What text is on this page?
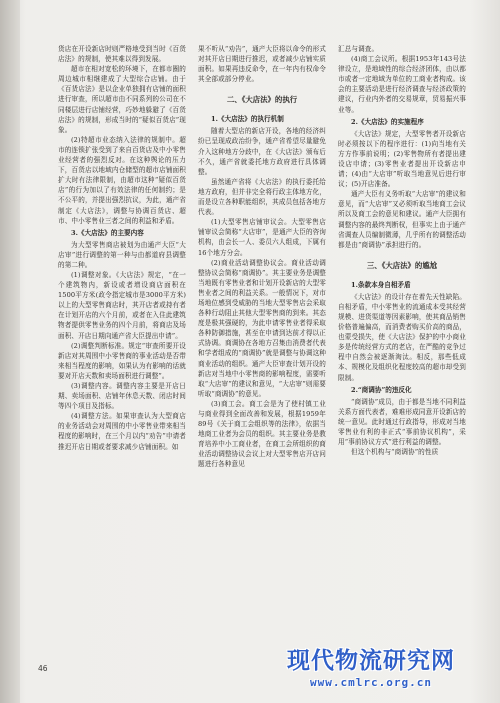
货店在开设新店时则严格地受到当时《百货店法》的规制，使其难以得到发展。

超市在相对宽松的环境下，在都市圈的周边城市相继建成了大型综合店铺。由于《百货店法》是以企业单独拥有店铺的面积进行审查，所以超市由不同系列的公司在不同楼层进行店铺经营，巧妙地躲避了《百货店法》的规制，形成当时的“疑似百货店”现象。

(2)特超市业态纳入法律的规制中。超市的连锁扩张受到了来自百货店及中小零售业经营者的强烈反对。在这种舆论的压力下，百货店以地域内仓储型的超市店铺面积扩大时有法律限制，由超市这种“疑似百货店”的行为加以了有效法律的任何制约；是不公平的，并提出强烈抗议，为此，通产省制定《大店法》，调整与协调百货店、超市、中小零售业三者之间的利益和矛盾。

3.《大店法》的主要内容

为大型零售商店被划为由通产大臣“大店审”进行调整的第一种与由都道府县调整的第二种。

(1)调整对象。《大店法》规定，“在一个建筑物内，新设或者增设商店面积在1500平方米(政令指定城市是3000平方米)以上的大型零售商店时，其开店者或持有者在计划开店的六个月前，或者在入住此建筑物者提供零售业务的四个月前，将商店及场面积、开店日期向通产省大臣提出申请”。

(2)调整判断标准。规定“审查所要开设新店对其周围中小零售商的事业活动是否带来相当程度的影响，如果认为有影响的话就要对开店天数和卖场面积进行调整”。

(3)调整内容。调整内容主要是开店日期、卖场面积、店铺年休息天数、闭店时间等四个项目及指标。

(4)调整方法。如果审查认为大型商店的业务活动会对周围的中小零售业带来相当程度的影响时，在三个月以内“劝告”申请者推迟开店日期或者要求减少店铺面积。如

果不听从“劝告”，通产大臣将以命令的形式对其开店日期进行推迟，或者减少店铺实质面积。如果再违反命令，在一年内有权命令其全部或部分停业。

二、《大店法》的执行
1.《大店法》的执行机制

随着大型店的新店开设，各地的经济纠纷已呈现成政治纷争，通产省希望尽量避免介入这种地方分歧中，在《大店法》颁布后不久，通产省就委托地方政府进行具体调整。

虽然通产省将《大店法》的执行委托给地方政府，但并非完全将行政主体地方化，而是设立各种职能组织，其成员包括各地方代表。

(1)大型零售店铺审议会。大型零售店铺审议会简称“大店审”，是通产大臣的咨询机构，由会长一人、委员六人组成，下属有16个地方分会。

(2)商业活动调整协议会。商业活动调整协议会简称“商调协”。其主要业务是调整当地既有零售业者和计划开设新店的大型零售业者之间的利益关系。一般情况下，对市场地位感到受威胁的当地大型零售店会采取各种行动阻止其他大型零售商的到来。其态度是极其强硬的，为此申请零售业者得采取各种防御措施，甚至在申请到达前才得以正式协调。商调协在各地方召集由消费者代表和学者组成的“商调协”就是调整与协调这种商业活动的组织。通产大臣审查计划开设的新店对当地中小零售商的影响程度，需要听取“大店审”的建议和意见，“大店审”则需要听取“商调协”的意见。

(3)商工会。商工会是为了使村镇工业与商业得到全面改善和发展，根据1959年89号《关于商工会组织等的法律》，依据当地商工业者为会员的组织。其主要业务是教育培养中小工商业者，在商工会所组织的商业活动调整协议会议上对大型零售店开店问题进行各种意见

汇总与调查。

(4)商工会议所。根据1953年143号法律设立，是地域性的综合经济团体，由以都市或者一定地域为单位的工商业者构成。该会的主要活动是进行经济调查与经济政策的建议，行业内外者的交易规章，贸易振兴事业等。

2.《大店法》的实施程序

《大店法》规定，大型零售者开设新店时必须按以下的程序进行：(1)向当地有关方方作事前说明；(2)零售物所有者提出建设店申请；(3)零售业者提出开设新店申请；(4)由“大店审”听取当地意见后进行审议；(5)开店准备。

通产大臣有义务听取“大店审”的建议和意见，而“大店审”又必须听取当地商工会议所以及商工会的意见和建议。通产大臣拥有调整内容的最终判断权，但事实上由于通产省调查人员编制微薄，几乎所有的调整活动都是由“商调协”承担进行的。

三、《大店法》的尴尬
1.条款本身自相矛盾

《大店法》的设计存在着先天性缺陷。自相矛盾，中小零售业的流通成本受其经营规模、进货渠道等因素影响，使其商品销售价格普遍偏高，而消费者购买价高的商品，也蒙受损失，使《大店法》保护的中小商业多是传统经营方式的老店，在严酷的竞争过程中自然会被逐渐淘汰。相反，那些低成本、规模化及组织化程度较高的超市却受到限制。

2.“商调协”的违反化

“商调协”成员，由于都是当地不同利益关系方面代表者，难难形成同意开设新店的统一意见。此时通过行政指导，形成对当地零售业有利的非正式“事前协议机构”，采用“事前协议方式”进行利益的调整。

但这个机构与“商调协”的性质

46	现代物流研究网
www.cmlrc.org.cn
